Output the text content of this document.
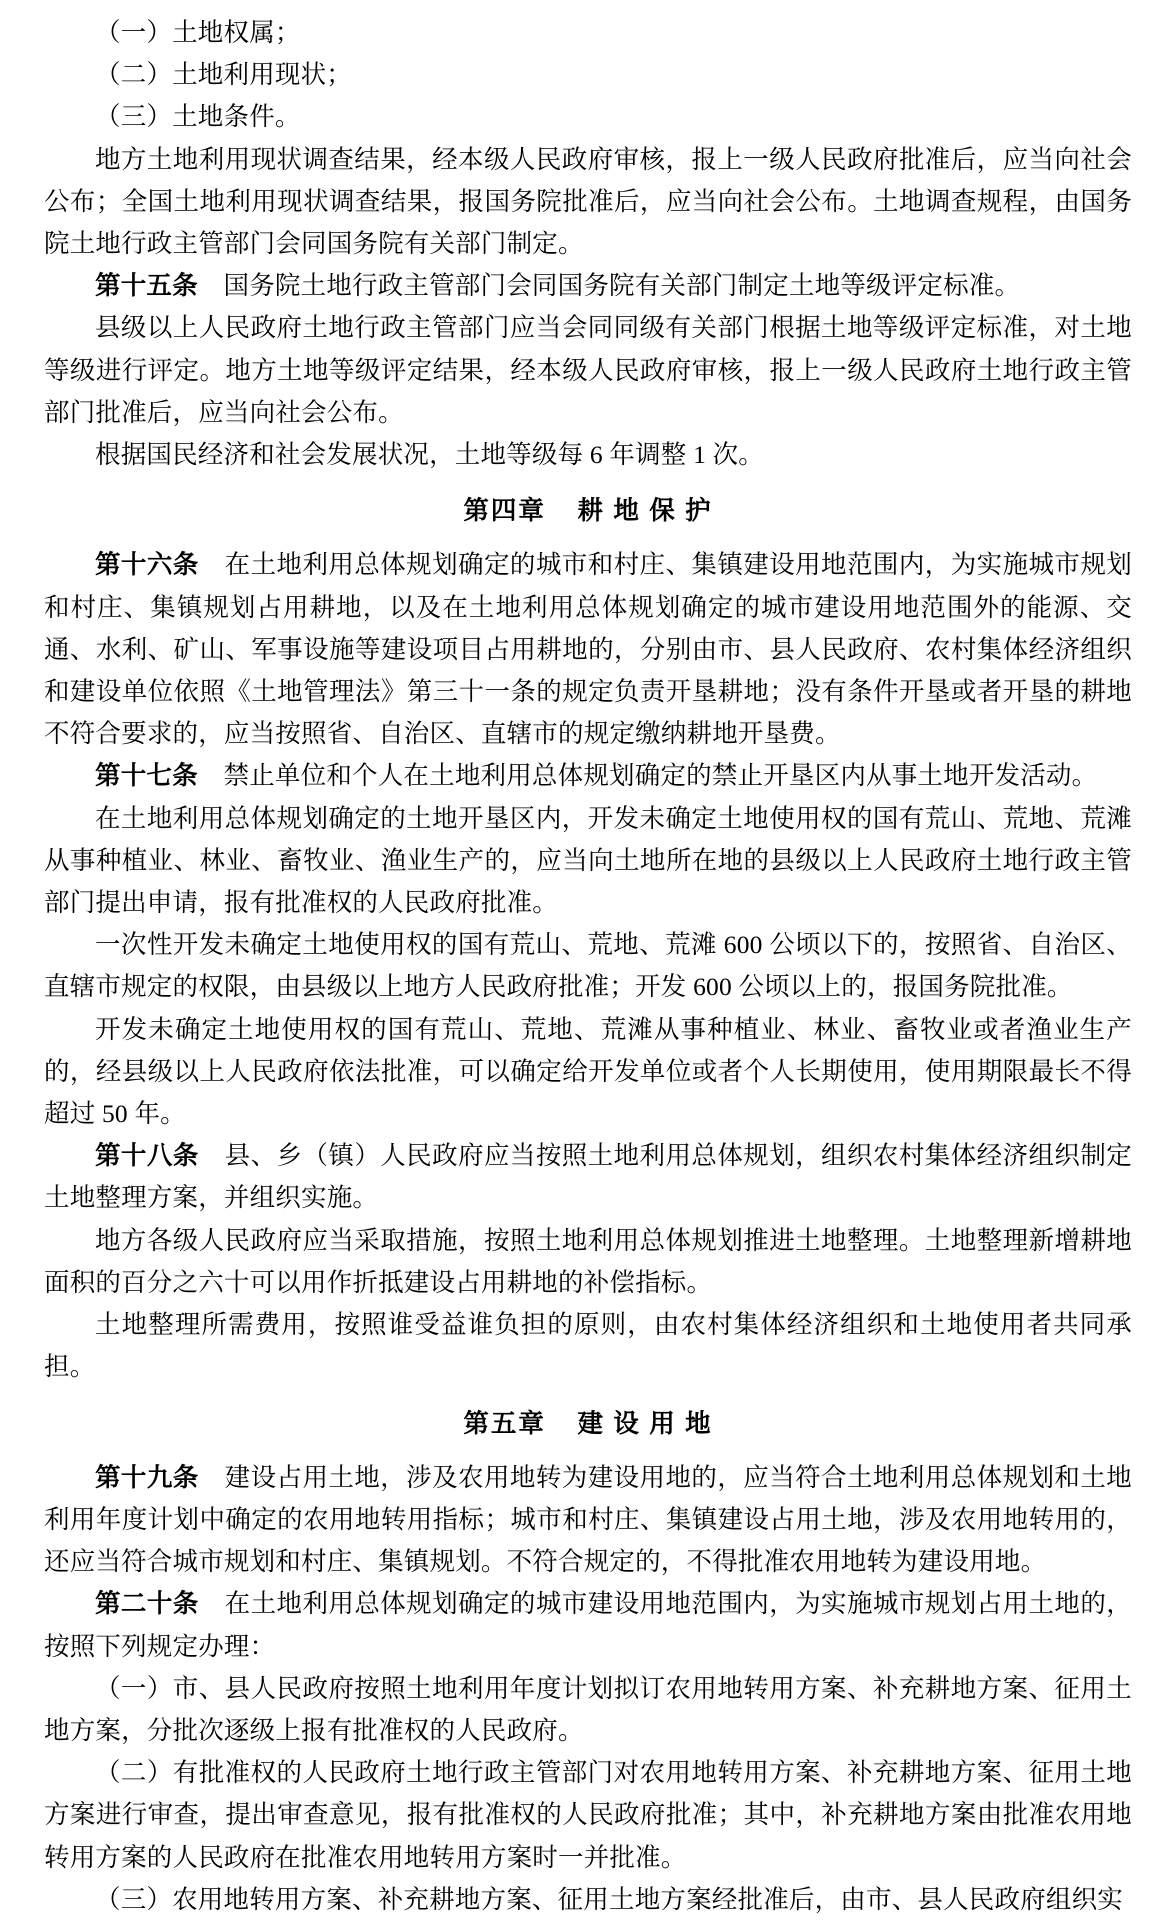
（一）土地权属；

（二）土地利用现状；

（三）土地条件。

地方土地利用现状调查结果，经本级人民政府审核，报上一级人民政府批准后，应当向社会公布；全国土地利用现状调查结果，报国务院批准后，应当向社会公布。土地调查规程，由国务院土地行政主管部门会同国务院有关部门制定。

第十五条　 国务院土地行政主管部门会同国务院有关部门制定土地等级评定标准。

县级以上人民政府土地行政主管部门应当会同同级有关部门根据土地等级评定标准，对土地等级进行评定。地方土地等级评定结果，经本级人民政府审核，报上一级人民政府土地行政主管部门批准后，应当向社会公布。

根据国民经济和社会发展状况，土地等级每 6 年调整 1 次。

第四章　 耕 地 保 护

第十六条　 在土地利用总体规划确定的城市和村庄、集镇建设用地范围内，为实施城市规划和村庄、集镇规划占用耕地，以及在土地利用总体规划确定的城市建设用地范围外的能源、交通、水利、矿山、军事设施等建设项目占用耕地的，分别由市、县人民政府、农村集体经济组织和建设单位依照《土地管理法》第三十一条的规定负责开垦耕地；没有条件开垦或者开垦的耕地不符合要求的，应当按照省、自治区、直辖市的规定缴纳耕地开垦费。

第十七条　 禁止单位和个人在土地利用总体规划确定的禁止开垦区内从事土地开发活动。

在土地利用总体规划确定的土地开垦区内，开发未确定土地使用权的国有荒山、荒地、荒滩从事种植业、林业、畜牧业、渔业生产的，应当向土地所在地的县级以上人民政府土地行政主管部门提出申请，报有批准权的人民政府批准。

一次性开发未确定土地使用权的国有荒山、荒地、荒滩 600 公顷以下的，按照省、自治区、直辖市规定的权限，由县级以上地方人民政府批准；开发 600 公顷以上的，报国务院批准。

开发未确定土地使用权的国有荒山、荒地、荒滩从事种植业、林业、畜牧业或者渔业生产的，经县级以上人民政府依法批准，可以确定给开发单位或者个人长期使用，使用期限最长不得超过 50 年。

第十八条　 县、乡（镇）人民政府应当按照土地利用总体规划，组织农村集体经济组织制定土地整理方案，并组织实施。

地方各级人民政府应当采取措施，按照土地利用总体规划推进土地整理。土地整理新增耕地面积的百分之六十可以用作折抵建设占用耕地的补偿指标。

土地整理所需费用，按照谁受益谁负担的原则，由农村集体经济组织和土地使用者共同承担。

第五章　 建 设 用 地

第十九条　 建设占用土地，涉及农用地转为建设用地的，应当符合土地利用总体规划和土地利用年度计划中确定的农用地转用指标；城市和村庄、集镇建设占用土地，涉及农用地转用的，还应当符合城市规划和村庄、集镇规划。不符合规定的，不得批准农用地转为建设用地。

第二十条　 在土地利用总体规划确定的城市建设用地范围内，为实施城市规划占用土地的，按照下列规定办理：

（一）市、县人民政府按照土地利用年度计划拟订农用地转用方案、补充耕地方案、征用土地方案，分批次逐级上报有批准权的人民政府。

（二）有批准权的人民政府土地行政主管部门对农用地转用方案、补充耕地方案、征用土地方案进行审查，提出审查意见，报有批准权的人民政府批准；其中，补充耕地方案由批准农用地转用方案的人民政府在批准农用地转用方案时一并批准。

（三）农用地转用方案、补充耕地方案、征用土地方案经批准后，由市、县人民政府组织实
